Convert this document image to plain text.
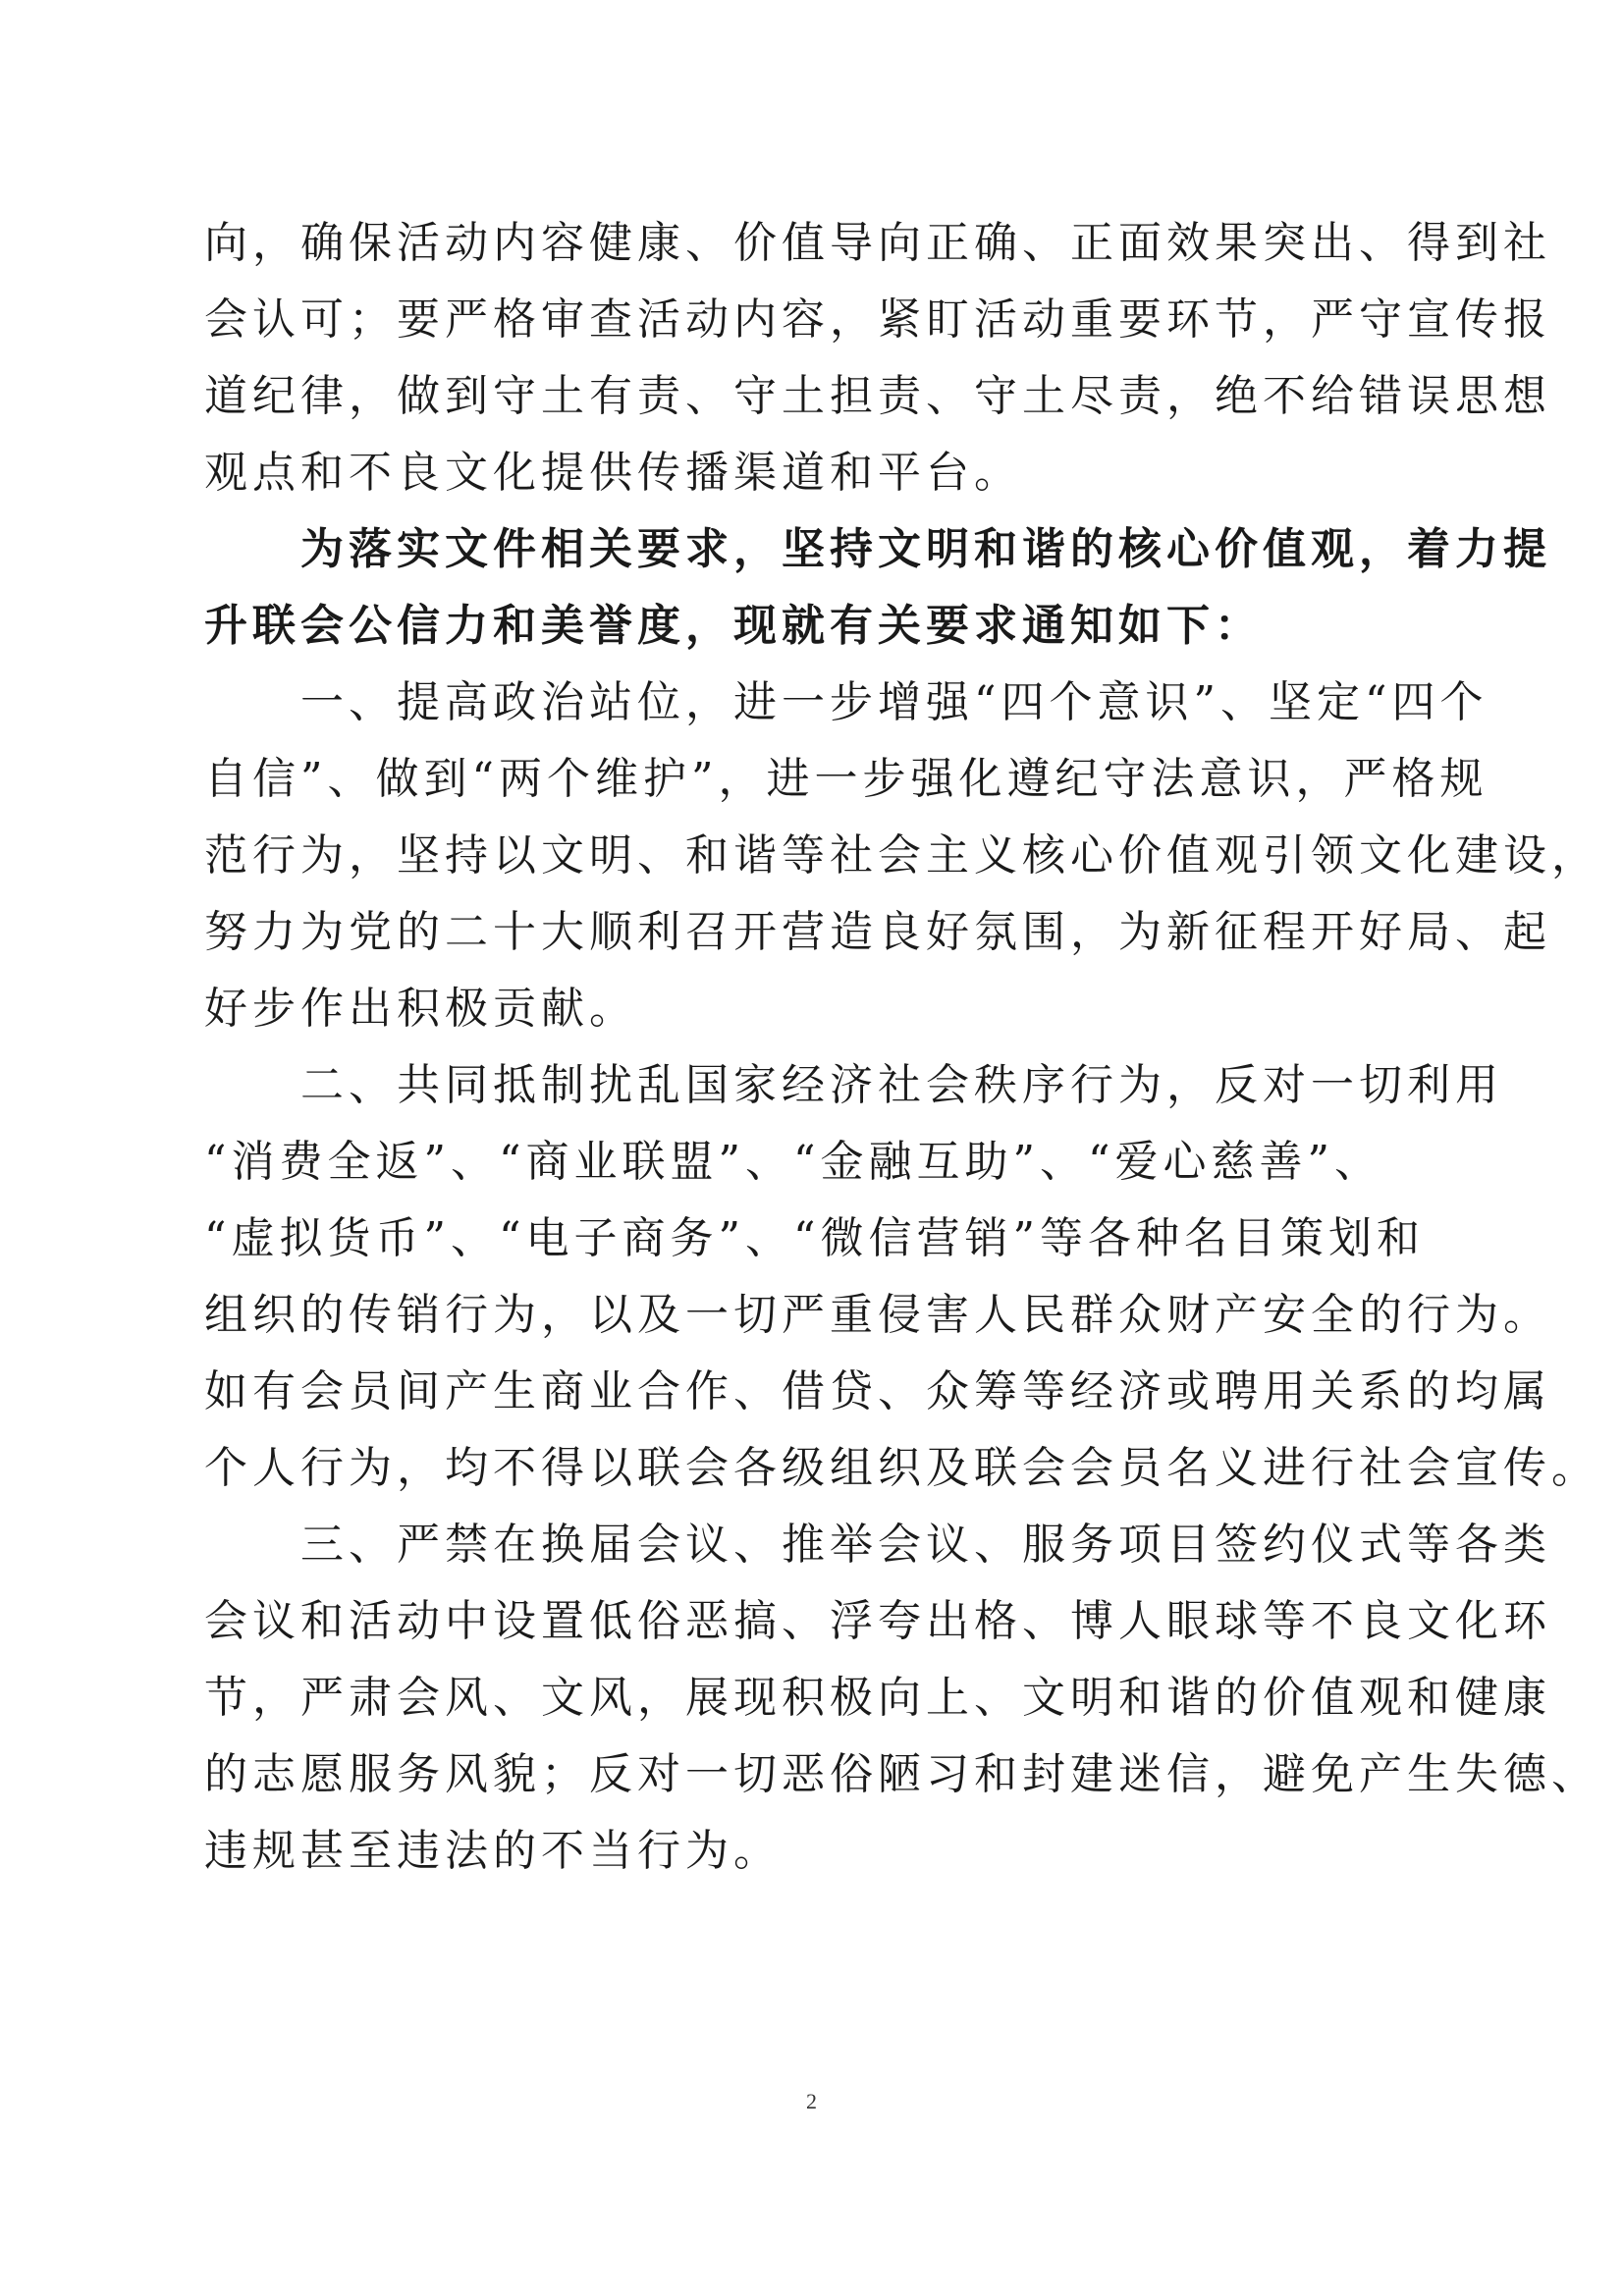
向，确保活动内容健康、价值导向正确、正面效果突出、得到社
会认可；要严格审查活动内容，紧盯活动重要环节，严守宣传报
道纪律，做到守土有责、守土担责、守土尽责，绝不给错误思想
观点和不良文化提供传播渠道和平台。
　　为落实文件相关要求，坚持文明和谐的核心价值观，着力提
升联会公信力和美誉度，现就有关要求通知如下：
　　一、提高政治站位，进一步增强“四个意识”、坚定“四个
自信”、做到“两个维护”，进一步强化遵纪守法意识，严格规
范行为，坚持以文明、和谐等社会主义核心价值观引领文化建设，
努力为党的二十大顺利召开营造良好氛围，为新征程开好局、起
好步作出积极贡献。
　　二、共同抵制扰乱国家经济社会秩序行为，反对一切利用
“消费全返”、“商业联盟”、“金融互助”、“爱心慈善”、
“虚拟货币”、“电子商务”、“微信营销”等各种名目策划和
组织的传销行为，以及一切严重侵害人民群众财产安全的行为。
如有会员间产生商业合作、借贷、众筹等经济或聘用关系的均属
个人行为，均不得以联会各级组织及联会会员名义进行社会宣传。
　　三、严禁在换届会议、推举会议、服务项目签约仪式等各类
会议和活动中设置低俗恶搞、浮夸出格、博人眼球等不良文化环
节，严肃会风、文风，展现积极向上、文明和谐的价值观和健康
的志愿服务风貌；反对一切恶俗陋习和封建迷信，避免产生失德、
违规甚至违法的不当行为。
2
